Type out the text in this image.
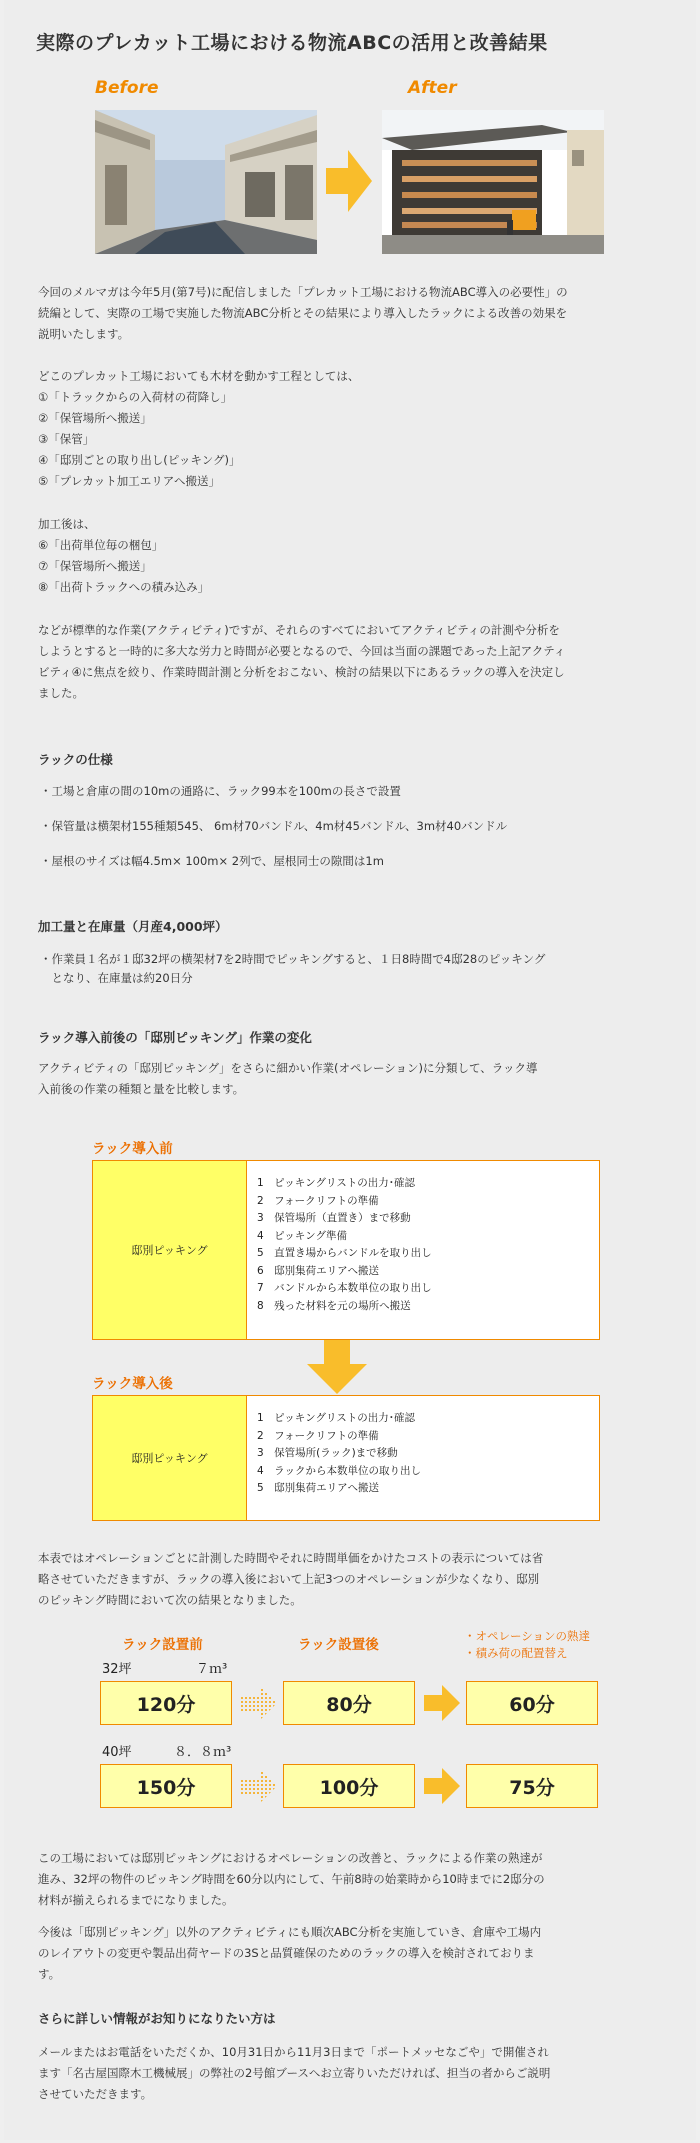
実際のプレカット工場における物流ABCの活用と改善結果
Before	After

今回のメルマガは今年5月(第7号)に配信しました「プレカット工場における物流ABC導入の必要性」の

続編として、実際の工場で実施した物流ABC分析とその結果により導入したラックによる改善の効果を

説明いたします。

どこのプレカット工場においても木材を動かす工程としては、

①「トラックからの入荷材の荷降し」

②「保管場所へ搬送」

③「保管」

④「邸別ごとの取り出し(ピッキング)」

⑤「プレカット加工エリアへ搬送」

加工後は、

⑥「出荷単位毎の梱包」

⑦「保管場所へ搬送」

⑧「出荷トラックへの積み込み」

などが標準的な作業(アクティビティ)ですが、それらのすべてにおいてアクティビティの計測や分析を

しようとすると一時的に多大な労力と時間が必要となるので、今回は当面の課題であった上記アクティ

ビティ④に焦点を絞り、作業時間計測と分析をおこない、検討の結果以下にあるラックの導入を決定し

ました。

ラックの仕様
・工場と倉庫の間の10mの通路に、ラック99本を100mの長さで設置
・保管量は横架材155種類545、 6m材70バンドル、4m材45バンドル、3m材40バンドル
・屋根のサイズは幅4.5m× 100m× 2列で、屋根同士の隙間は1m
加工量と在庫量（月産4,000坪）
・作業員１名が１邸32坪の横架材7を2時間でピッキングすると、１日8時間で4邸28のピッキング
　となり、在庫量は約20日分
ラック導入前後の「邸別ピッキング」作業の変化

アクティビティの「邸別ピッキング」をさらに細かい作業(オペレーション)に分類して、ラック導

入前後の作業の種類と量を比較します。

ラック導入前
邸別ピッキング
1　ピッキングリストの出力･確認
2　フォークリフトの準備
3　保管場所（直置き）まで移動
4　ピッキング準備
5　直置き場からバンドルを取り出し
6　邸別集荷エリアへ搬送
7　バンドルから本数単位の取り出し
8　残った材料を元の場所へ搬送
ラック導入後
邸別ピッキング
1　ピッキングリストの出力･確認
2　フォークリフトの準備
3　保管場所(ラック)まで移動
4　ラックから本数単位の取り出し
5　邸別集荷エリアへ搬送

本表ではオペレーションごとに計測した時間やそれに時間単価をかけたコストの表示については省

略させていただきますが、ラックの導入後において上記3つのオペレーションが少なくなり、邸別

のピッキング時間において次の結果となりました。

ラック設置前	ラック設置後
・オペレーションの熟達
・積み荷の配置替え
32坪	７ｍ³
120分	80分	60分
40坪	８．８ｍ³
150分	100分	75分

この工場においては邸別ピッキングにおけるオペレーションの改善と、ラックによる作業の熟達が

進み、32坪の物件のピッキング時間を60分以内にして、午前8時の始業時から10時までに2邸分の

材料が揃えられるまでになりました。

今後は「邸別ピッキング」以外のアクティビティにも順次ABC分析を実施していき、倉庫や工場内

のレイアウトの変更や製品出荷ヤードの3Sと品質確保のためのラックの導入を検討されておりま

す。

さらに詳しい情報がお知りになりたい方は

メールまたはお電話をいただくか、10月31日から11月3日まで「ポートメッセなごや」で開催され

ます「名古屋国際木工機械展」の弊社の2号館ブースへお立寄りいただければ、担当の者からご説明

させていただきます。
